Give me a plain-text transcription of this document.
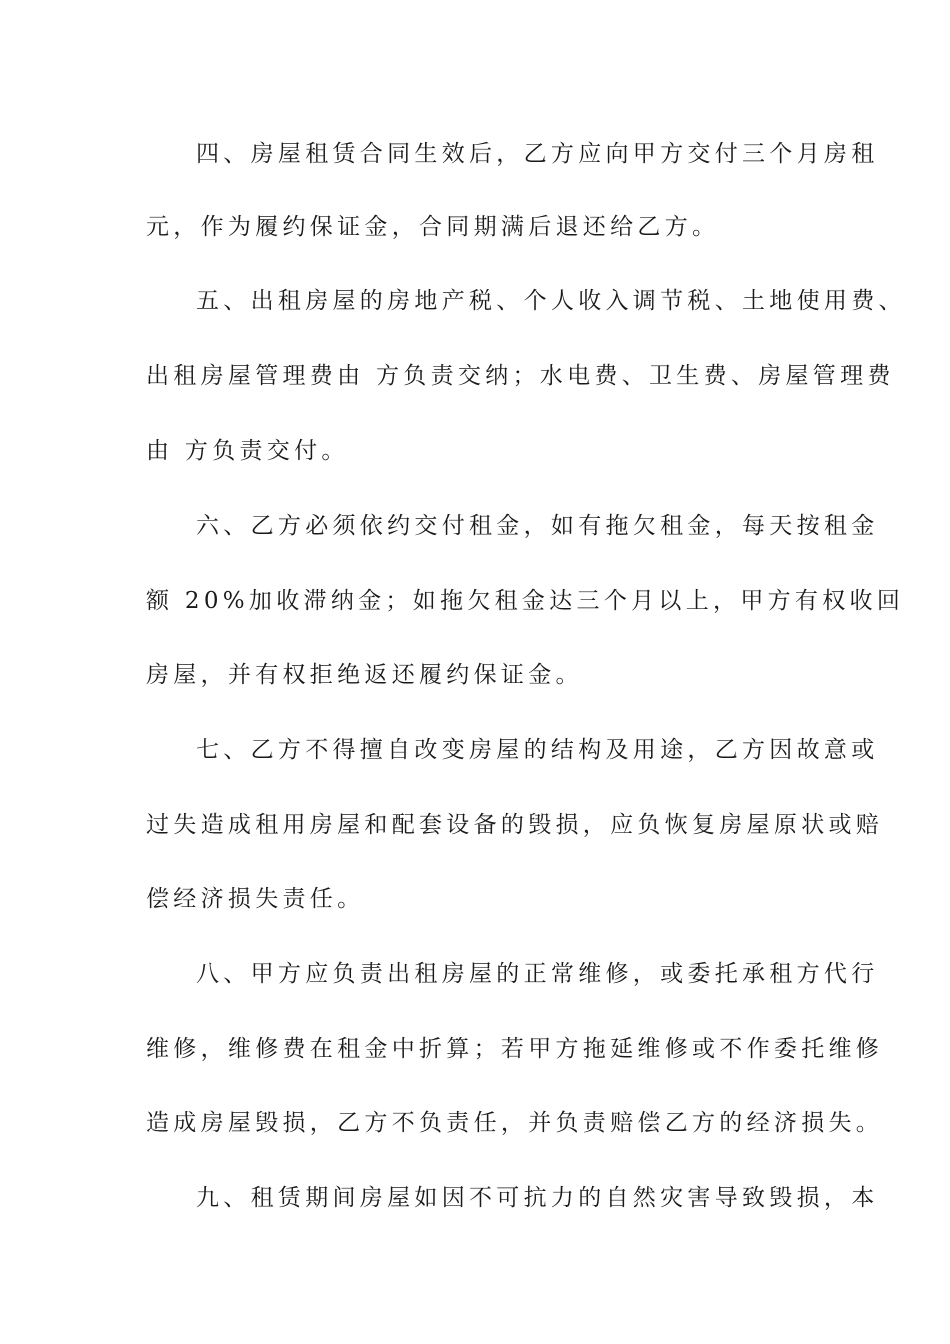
四、房屋租赁合同生效后，乙方应向甲方交付三个月房租
元，作为履约保证金，合同期满后退还给乙方。
五、出租房屋的房地产税、个人收入调节税、土地使用费、
出租房屋管理费由 方负责交纳；水电费、卫生费、房屋管理费
由 方负责交付。
六、乙方必须依约交付租金，如有拖欠租金，每天按租金
额 20%加收滞纳金；如拖欠租金达三个月以上，甲方有权收回
房屋，并有权拒绝返还履约保证金。
七、乙方不得擅自改变房屋的结构及用途，乙方因故意或
过失造成租用房屋和配套设备的毁损，应负恢复房屋原状或赔
偿经济损失责任。
八、甲方应负责出租房屋的正常维修，或委托承租方代行
维修，维修费在租金中折算；若甲方拖延维修或不作委托维修
造成房屋毁损，乙方不负责任，并负责赔偿乙方的经济损失。
九、租赁期间房屋如因不可抗力的自然灾害导致毁损，本
